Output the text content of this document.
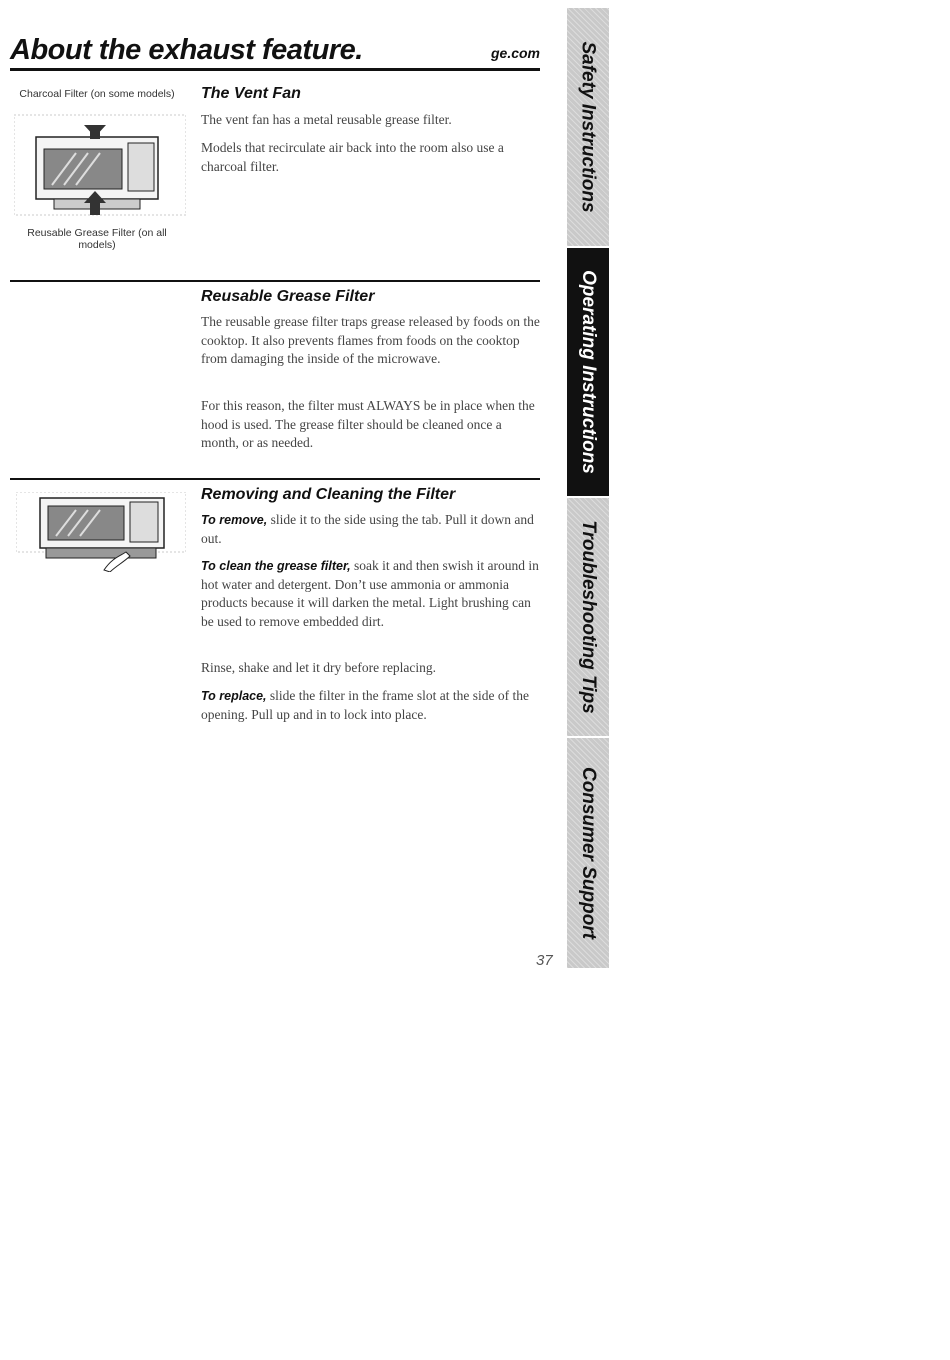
About the exhaust feature.	ge.com
Charcoal Filter (on some models)
Reusable Grease Filter (on all models)
The Vent Fan

The vent fan has a metal reusable grease filter.

Models that recirculate air back into the room also use a charcoal filter.

Reusable Grease Filter

The reusable grease filter traps grease released by foods on the cooktop. It also prevents flames from foods on the cooktop from damaging the inside of the microwave.

For this reason, the filter must ALWAYS be in place when the hood is used. The grease filter should be cleaned once a month, or as needed.

Removing and Cleaning the Filter

To remove, slide it to the side using the tab. Pull it down and out.

To clean the grease filter, soak it and then swish it around in hot water and detergent. Don’t use ammonia or ammonia products because it will darken the metal. Light brushing can be used to remove embedded dirt.

Rinse, shake and let it dry before replacing.

To replace, slide the filter in the frame slot at the side of the opening. Pull up and in to lock into place.

Safety Instructions
Operating Instructions
Troubleshooting Tips
Consumer Support
37
